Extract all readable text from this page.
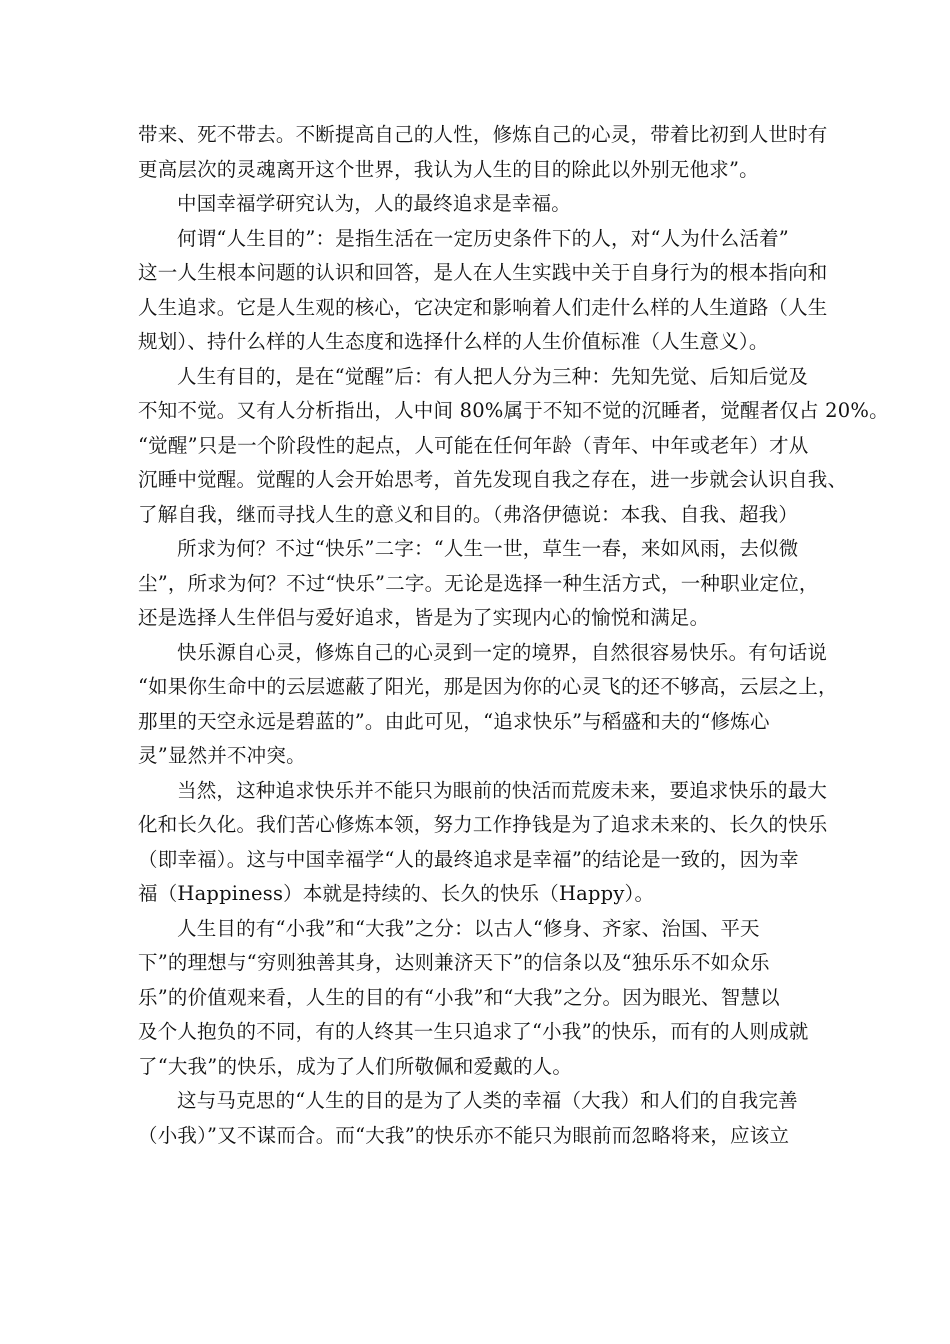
带来、死不带去。不断提高自己的人性，修炼自己的心灵，带着比初到人世时有
更高层次的灵魂离开这个世界，我认为人生的目的除此以外别无他求”。
中国幸福学研究认为，人的最终追求是幸福。
何谓“人生目的”：是指生活在一定历史条件下的人，对“人为什么活着”
这一人生根本问题的认识和回答，是人在人生实践中关于自身行为的根本指向和
人生追求。它是人生观的核心，它决定和影响着人们走什么样的人生道路（人生
规划）、持什么样的人生态度和选择什么样的人生价值标准（人生意义）。
人生有目的，是在“觉醒”后：有人把人分为三种：先知先觉、后知后觉及
不知不觉。又有人分析指出，人中间 80%属于不知不觉的沉睡者，觉醒者仅占 20%。
“觉醒”只是一个阶段性的起点，人可能在任何年龄（青年、中年或老年）才从
沉睡中觉醒。觉醒的人会开始思考，首先发现自我之存在，进一步就会认识自我、
了解自我，继而寻找人生的意义和目的。（弗洛伊德说：本我、自我、超我）
所求为何？不过“快乐”二字：“人生一世，草生一春，来如风雨，去似微
尘”，所求为何？不过“快乐”二字。无论是选择一种生活方式，一种职业定位，
还是选择人生伴侣与爱好追求，皆是为了实现内心的愉悦和满足。
快乐源自心灵，修炼自己的心灵到一定的境界，自然很容易快乐。有句话说
“如果你生命中的云层遮蔽了阳光，那是因为你的心灵飞的还不够高，云层之上，
那里的天空永远是碧蓝的”。由此可见，“追求快乐”与稻盛和夫的“修炼心
灵”显然并不冲突。
当然，这种追求快乐并不能只为眼前的快活而荒废未来，要追求快乐的最大
化和长久化。我们苦心修炼本领，努力工作挣钱是为了追求未来的、长久的快乐
（即幸福）。这与中国幸福学“人的最终追求是幸福”的结论是一致的，因为幸
福（Happiness）本就是持续的、长久的快乐（Happy）。
人生目的有“小我”和“大我”之分：以古人“修身、齐家、治国、平天
下”的理想与“穷则独善其身，达则兼济天下”的信条以及“独乐乐不如众乐
乐”的价值观来看，人生的目的有“小我”和“大我”之分。因为眼光、智慧以
及个人抱负的不同，有的人终其一生只追求了“小我”的快乐，而有的人则成就
了“大我”的快乐，成为了人们所敬佩和爱戴的人。
这与马克思的“人生的目的是为了人类的幸福（大我）和人们的自我完善
（小我）”又不谋而合。而“大我”的快乐亦不能只为眼前而忽略将来，应该立
